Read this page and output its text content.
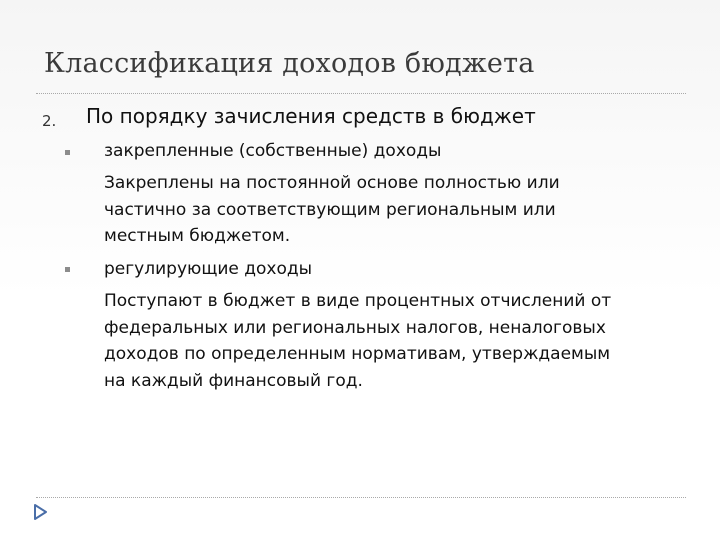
Классификация доходов бюджета
2. По порядку зачисления средств в бюджет
закрепленные (собственные) доходы
Закреплены на постоянной основе полностью или
частично за соответствующим региональным или
местным бюджетом.
регулирующие доходы
Поступают в бюджет в виде процентных отчислений от
федеральных или региональных налогов, неналоговых
доходов по определенным нормативам, утверждаемым
на каждый финансовый год.
